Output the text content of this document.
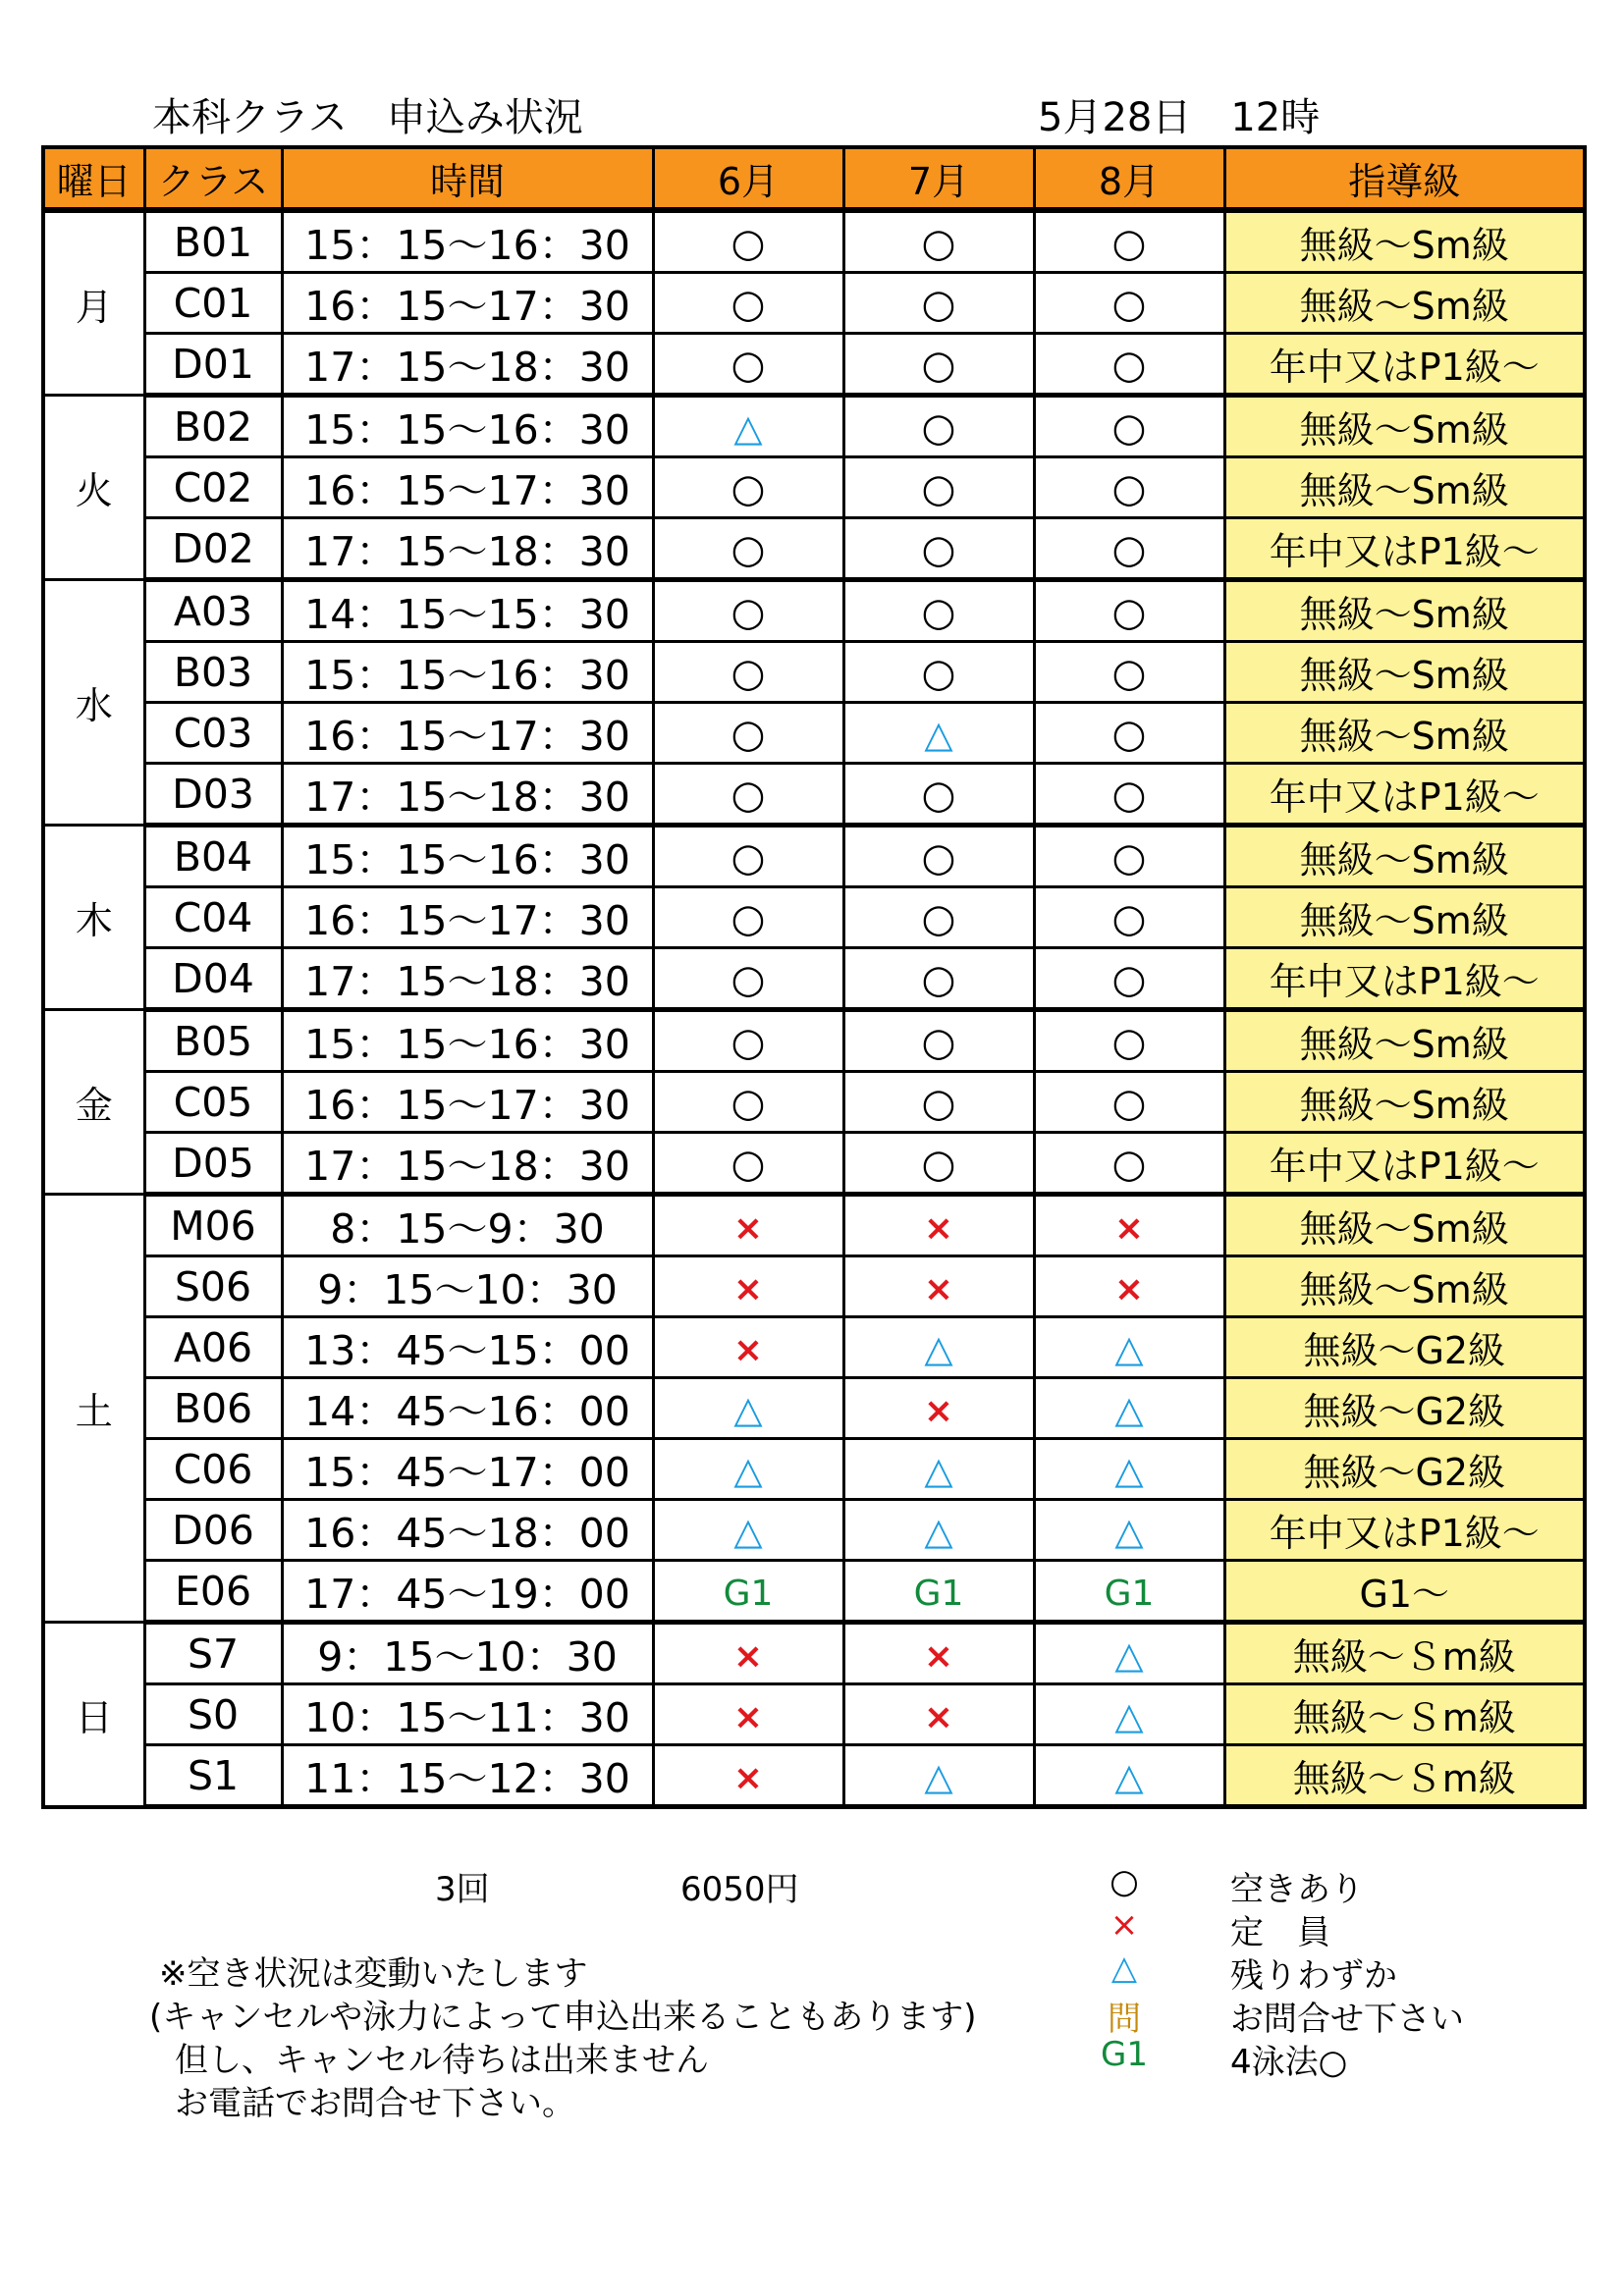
本科クラス　申込み状況	5月28日　12時
曜日	クラス	時間	6月	7月	8月	指導級
月	B01	15：15～16：30	○	○	○	無級～Sm級
	C01	16：15～17：30	○	○	○	無級～Sm級
	D01	17：15～18：30	○	○	○	年中又はP1級～
火	B02	15：15～16：30	△	○	○	無級～Sm級
	C02	16：15～17：30	○	○	○	無級～Sm級
	D02	17：15～18：30	○	○	○	年中又はP1級～
水	A03	14：15～15：30	○	○	○	無級～Sm級
	B03	15：15～16：30	○	○	○	無級～Sm級
	C03	16：15～17：30	○	△	○	無級～Sm級
	D03	17：15～18：30	○	○	○	年中又はP1級～
木	B04	15：15～16：30	○	○	○	無級～Sm級
	C04	16：15～17：30	○	○	○	無級～Sm級
	D04	17：15～18：30	○	○	○	年中又はP1級～
金	B05	15：15～16：30	○	○	○	無級～Sm級
	C05	16：15～17：30	○	○	○	無級～Sm級
	D05	17：15～18：30	○	○	○	年中又はP1級～
土	M06	8：15～9：30	×	×	×	無級～Sm級
	S06	9：15～10：30	×	×	×	無級～Sm級
	A06	13：45～15：00	×	△	△	無級～G2級
	B06	14：45～16：00	△	×	△	無級～G2級
	C06	15：45～17：00	△	△	△	無級～G2級
	D06	16：45～18：00	△	△	△	年中又はP1級～
	E06	17：45～19：00	G1	G1	G1	G1～
日	S7	9：15～10：30	×	×	△	無級～Ｓm級
	S0	10：15～11：30	×	×	△	無級～Ｓm級
	S1	11：15～12：30	×	△	△	無級～Ｓm級
3回	6050円
※空き状況は変動いたします
(キャンセルや泳力によって申込出来ることもあります)
但し、キャンセル待ちは出来ません
お電話でお問合せ下さい。
○	空きあり
×	定　員
△	残りわずか
問	お問合せ下さい
G1 4泳法○
